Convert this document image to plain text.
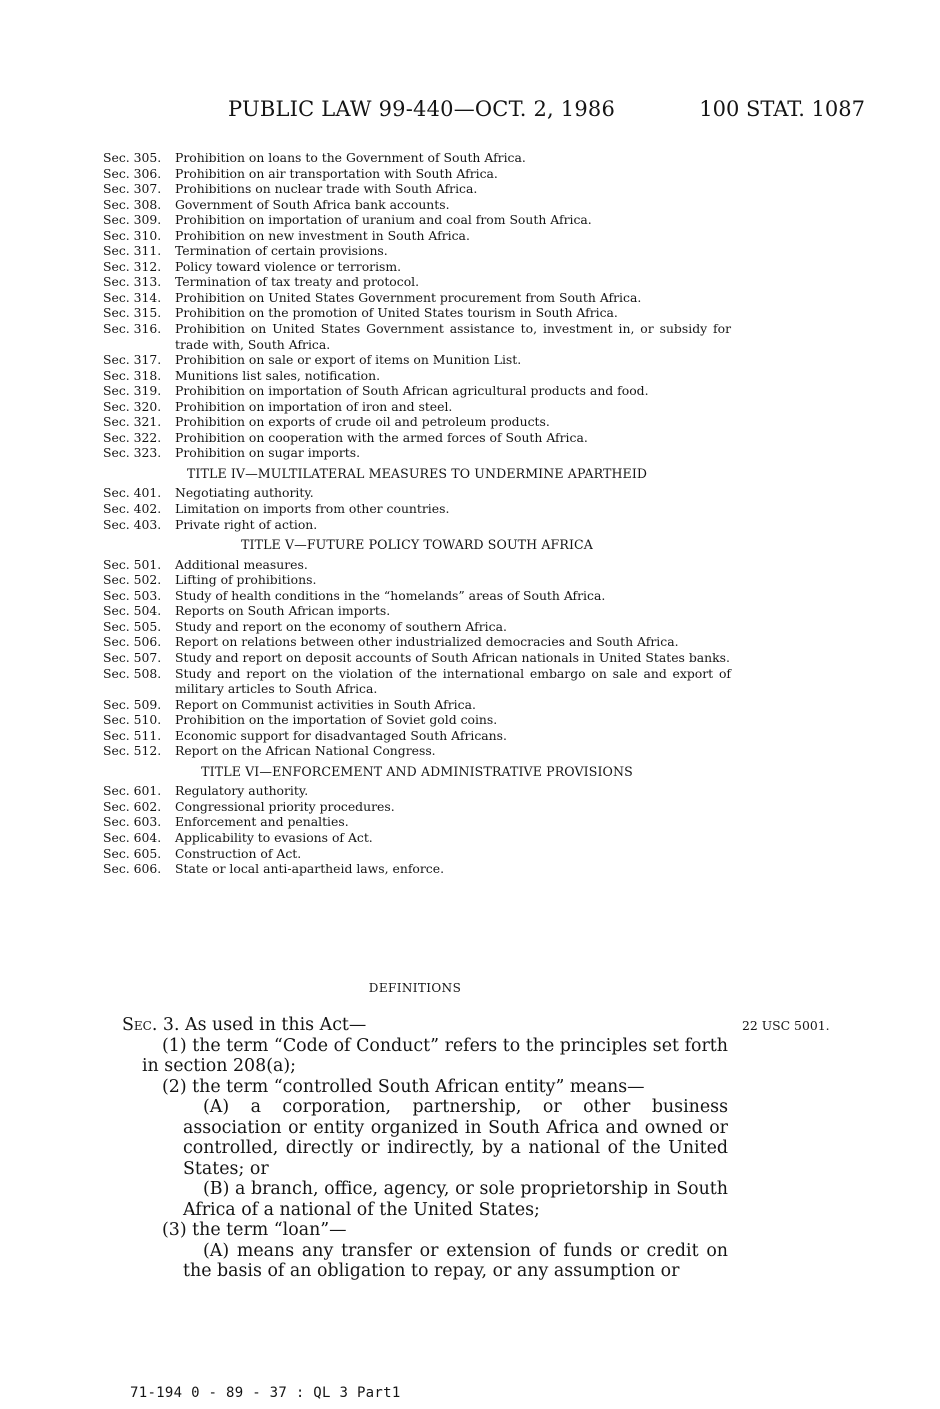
PUBLIC LAW 99-440—OCT. 2, 1986	100 STAT. 1087
Sec. 305.	Prohibition on loans to the Government of South Africa.
Sec. 306.	Prohibition on air transportation with South Africa.
Sec. 307.	Prohibitions on nuclear trade with South Africa.
Sec. 308.	Government of South Africa bank accounts.
Sec. 309.	Prohibition on importation of uranium and coal from South Africa.
Sec. 310.	Prohibition on new investment in South Africa.
Sec. 311.	Termination of certain provisions.
Sec. 312.	Policy toward violence or terrorism.
Sec. 313.	Termination of tax treaty and protocol.
Sec. 314.	Prohibition on United States Government procurement from South Africa.
Sec. 315.	Prohibition on the promotion of United States tourism in South Africa.
Sec. 316.	Prohibition on United States Government assistance to, investment in, or subsidy for trade with, South Africa.
Sec. 317.	Prohibition on sale or export of items on Munition List.
Sec. 318.	Munitions list sales, notification.
Sec. 319.	Prohibition on importation of South African agricultural products and food.
Sec. 320.	Prohibition on importation of iron and steel.
Sec. 321.	Prohibition on exports of crude oil and petroleum products.
Sec. 322.	Prohibition on cooperation with the armed forces of South Africa.
Sec. 323.	Prohibition on sugar imports.
TITLE IV—MULTILATERAL MEASURES TO UNDERMINE APARTHEID
Sec. 401.	Negotiating authority.
Sec. 402.	Limitation on imports from other countries.
Sec. 403.	Private right of action.
TITLE V—FUTURE POLICY TOWARD SOUTH AFRICA
Sec. 501.	Additional measures.
Sec. 502.	Lifting of prohibitions.
Sec. 503.	Study of health conditions in the “homelands” areas of South Africa.
Sec. 504.	Reports on South African imports.
Sec. 505.	Study and report on the economy of southern Africa.
Sec. 506.	Report on relations between other industrialized democracies and South Africa.
Sec. 507.	Study and report on deposit accounts of South African nationals in United States banks.
Sec. 508.	Study and report on the violation of the international embargo on sale and export of military articles to South Africa.
Sec. 509.	Report on Communist activities in South Africa.
Sec. 510.	Prohibition on the importation of Soviet gold coins.
Sec. 511.	Economic support for disadvantaged South Africans.
Sec. 512.	Report on the African National Congress.
TITLE VI—ENFORCEMENT AND ADMINISTRATIVE PROVISIONS
Sec. 601.	Regulatory authority.
Sec. 602.	Congressional priority procedures.
Sec. 603.	Enforcement and penalties.
Sec. 604.	Applicability to evasions of Act.
Sec. 605.	Construction of Act.
Sec. 606.	State or local anti-apartheid laws, enforce.
DEFINITIONS
22 USC 5001.

Sec. 3. As used in this Act—

(1) the term “Code of Conduct” refers to the principles set forth in section 208(a);

(2) the term “controlled South African entity” means—

(A) a corporation, partnership, or other business association or entity organized in South Africa and owned or controlled, directly or indirectly, by a national of the United States; or

(B) a branch, office, agency, or sole proprietorship in South Africa of a national of the United States;

(3) the term “loan”—

(A) means any transfer or extension of funds or credit on the basis of an obligation to repay, or any assumption or

71-194 0 - 89 - 37 : QL 3 Part1
